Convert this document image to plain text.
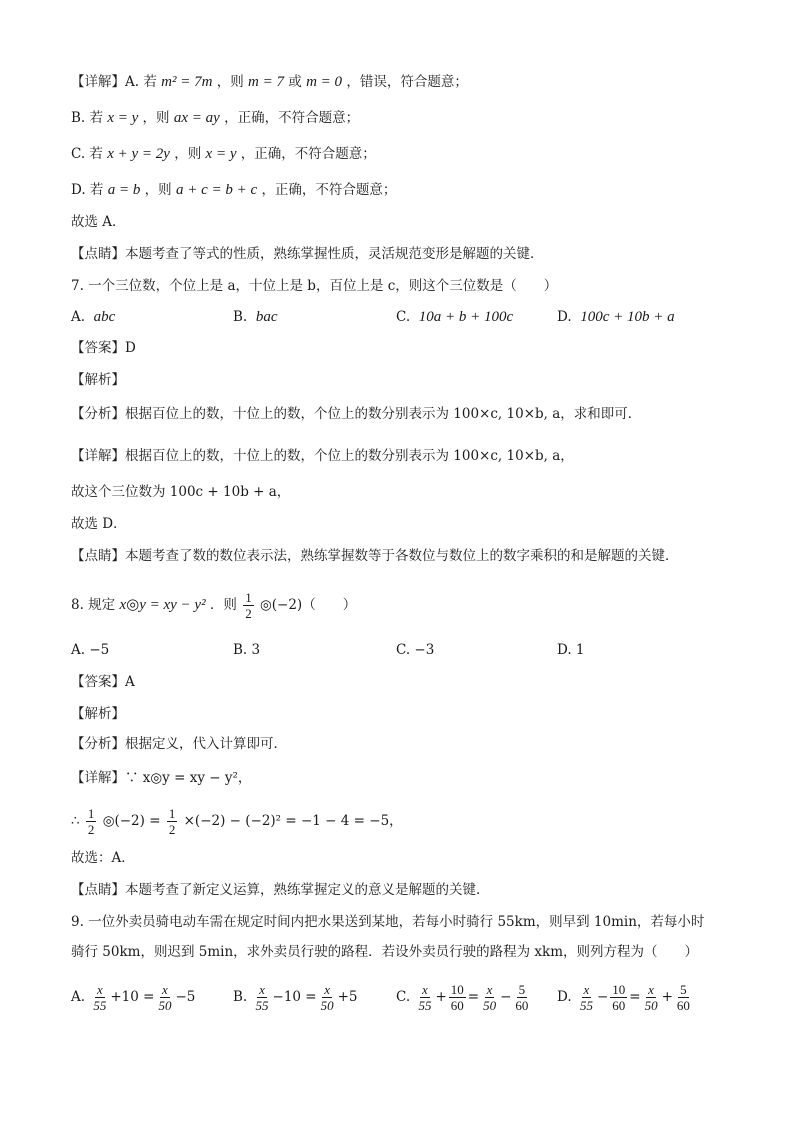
【详解】A. 若 m² = 7m ，则 m = 7 或 m = 0 ，错误，符合题意；
B. 若 x = y ，则 ax = ay ，正确，不符合题意；
C. 若 x + y = 2y ，则 x = y ，正确，不符合题意；
D. 若 a = b ，则 a + c = b + c ，正确，不符合题意；
故选 A．
【点睛】本题考查了等式的性质，熟练掌握性质，灵活规范变形是解题的关键．
7. 一个三位数，个位上是 a，十位上是 b，百位上是 c，则这个三位数是（　　）
A. abc	B. bac	C. 10a + b + 100c	D. 100c + 10b + a
【答案】D
【解析】
【分析】根据百位上的数，十位上的数，个位上的数分别表示为 100×c, 10×b, a，求和即可．
【详解】根据百位上的数，十位上的数，个位上的数分别表示为 100×c, 10×b, a，
故这个三位数为 100c + 10b + a，
故选 D．
【点睛】本题考查了数的数位表示法，熟练掌握数等于各数位与数位上的数字乘积的和是解题的关键．
8. 规定 x◎y = xy − y² ．则 $\frac{1}{2}$ ◎(−2)（　　）
A. −5	B. 3	C. −3	D. 1
【答案】A
【解析】
【分析】根据定义，代入计算即可．
【详解】∵ x◎y = xy − y²，
∴ $\frac{1}{2}$ ◎(−2) = $\frac{1}{2} \times(-2) - (-2)^2 = -1 - 4 = -5$，
故选：A．
【点睛】本题考查了新定义运算，熟练掌握定义的意义是解题的关键．
9. 一位外卖员骑电动车需在规定时间内把水果送到某地，若每小时骑行 55km，则早到 10min，若每小时
骑行 50km，则迟到 5min，求外卖员行驶的路程．若设外卖员行驶的路程为 xkm，则列方程为（　　）
A. $\frac{x}{55} +10 = \frac{x}{50} -5$	B. $\frac{x}{55} -10 = \frac{x}{50} +5$	C. $\frac{x}{55} + \frac{10}{60} = \frac{x}{50} - \frac{5}{60} D$. $\frac{x}{55} - \frac{10}{60} = \frac{x}{50} + \frac{5}{60}$
